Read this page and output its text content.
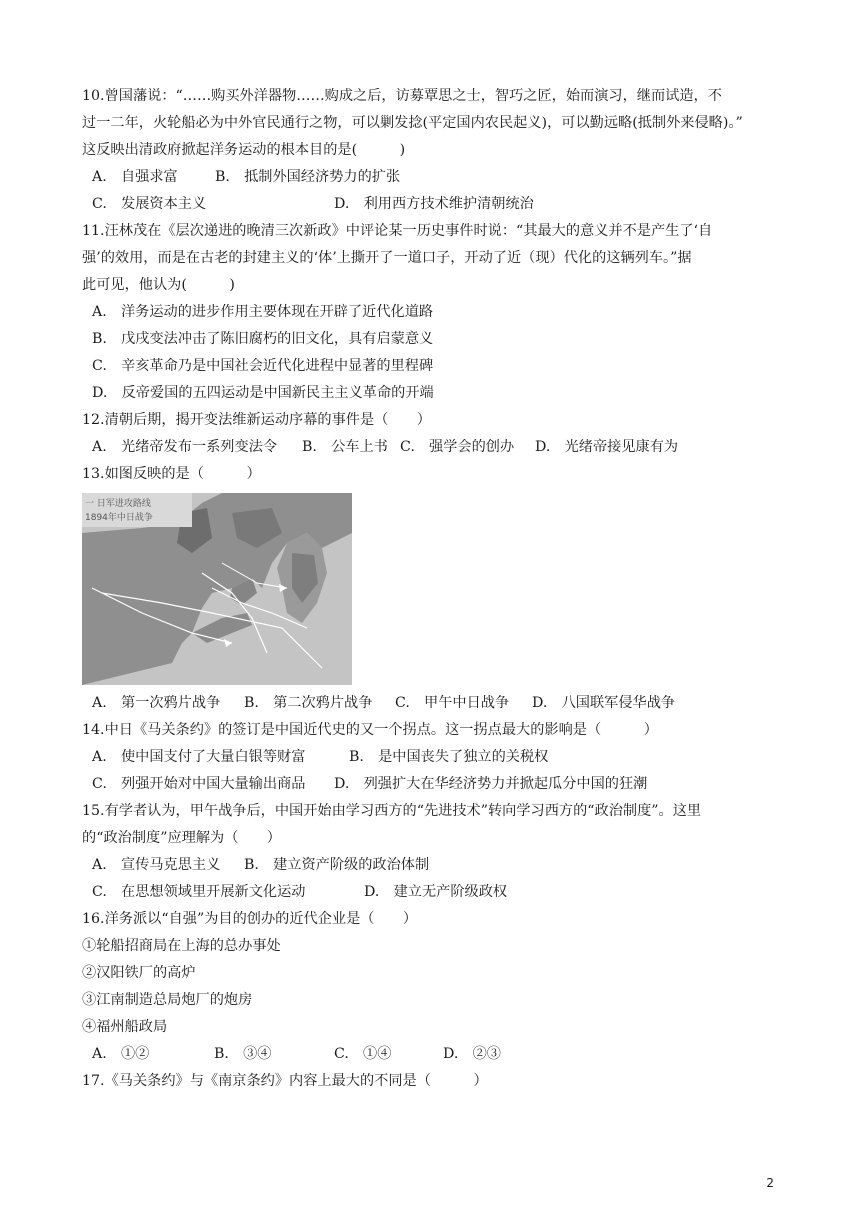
10.曾国藩说：“……购买外洋器物……购成之后，访募覃思之士，智巧之匠，始而演习，继而试造，不
过一二年，火轮船必为中外官民通行之物，可以剿发捻(平定国内农民起义)，可以勤远略(抵制外来侵略)。”
这反映出清政府掀起洋务运动的根本目的是(　　　)
A.　自强求富	B.　抵制外国经济势力的扩张
C.　发展资本主义	D.　利用西方技术维护清朝统治
11.汪林茂在《层次递进的晚清三次新政》中评论某一历史事件时说：“其最大的意义并不是产生了‘自
强’的效用，而是在古老的封建主义的‘体’上撕开了一道口子，开动了近（现）代化的这辆列车。”据
此可见，他认为(　　　)
A.　洋务运动的进步作用主要体现在开辟了近代化道路
B.　戊戌变法冲击了陈旧腐朽的旧文化，具有启蒙意义
C.　辛亥革命乃是中国社会近代化进程中显著的里程碑
D.　反帝爱国的五四运动是中国新民主主义革命的开端
12.清朝后期，揭开变法维新运动序幕的事件是（　　）
A.　光绪帝发布一系列变法令 B.　公车上书 C.　强学会的创办 D.　光绪帝接见康有为
13.如图反映的是（　　　）
一 日军进攻路线
1894年中日战争
A.　第一次鸦片战争 B.　第二次鸦片战争 C.　甲午中日战争 D.　八国联军侵华战争
14.中日《马关条约》的签订是中国近代史的又一个拐点。这一拐点最大的影响是（　　　）
A.　使中国支付了大量白银等财富	B.　是中国丧失了独立的关税权
C.　列强开始对中国大量输出商品 D.　列强扩大在华经济势力并掀起瓜分中国的狂潮
15.有学者认为，甲午战争后，中国开始由学习西方的“先进技术”转向学习西方的“政治制度”。这里
的“政治制度”应理解为（　　）
A.　宣传马克思主义 B.　建立资产阶级的政治体制
C.　在思想领域里开展新文化运动	D.　建立无产阶级政权
16.洋务派以“自强”为目的创办的近代企业是（　　）
①轮船招商局在上海的总办事处
②汉阳铁厂的高炉
③江南制造总局炮厂的炮房
④福州船政局
A.　①②	B.　③④	C.　①④	D.　②③
17.《马关条约》与《南京条约》内容上最大的不同是（　　　）
2
